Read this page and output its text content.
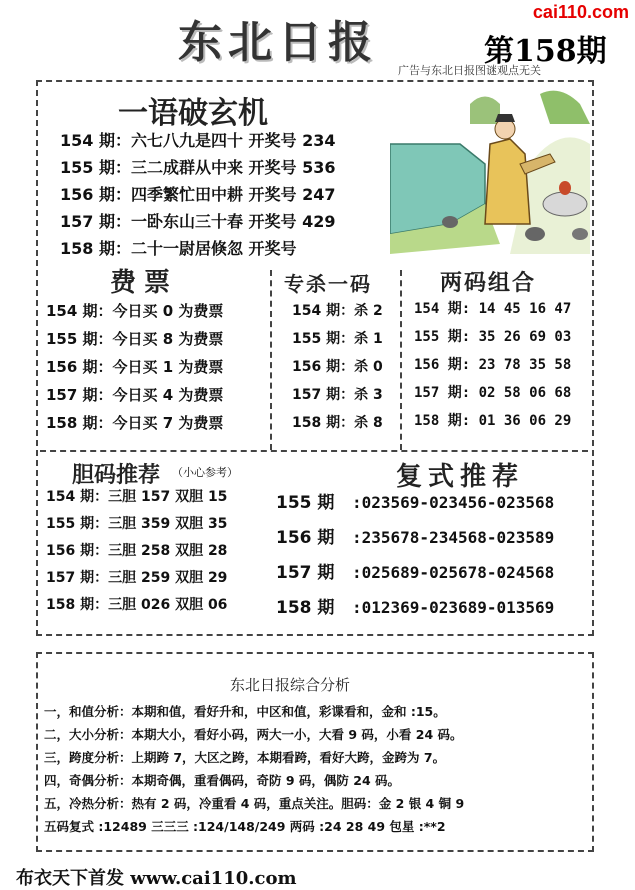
东北日报
cai110.com
第158期
广告与东北日报图谜观点无关
一语破玄机
154 期：六七八九是四十 开奖号 234
155 期：三二成群从中来 开奖号 536
156 期：四季繁忙田中耕 开奖号 247
157 期：一卧东山三十春 开奖号 429
158 期：二十一尉居倏忽 开奖号
费票
154 期：今日买 0 为费票
155 期：今日买 8 为费票
156 期：今日买 1 为费票
157 期：今日买 4 为费票
158 期：今日买 7 为费票
专杀一码
154 期：杀 2
155 期：杀 1
156 期：杀 0
157 期：杀 3
158 期：杀 8
两码组合
154 期: 14 45 16 47
155 期: 35 26 69 03
156 期: 23 78 35 58
157 期: 02 58 06 68
158 期: 01 36 06 29
胆码推荐 （小心参考）
154 期：三胆 157 双胆 15
155 期：三胆 359 双胆 35
156 期：三胆 258 双胆 28
157 期：三胆 259 双胆 29
158 期：三胆 026 双胆 06
复式推荐
155 期 :023569-023456-023568
156 期 :235678-234568-023589
157 期 :025689-025678-024568
158 期 :012369-023689-013569
东北日报综合分析
一，和值分析：本期和值，看好升和，中区和值，彩谍看和，金和 :15。
二，大小分析：本期大小，看好小码，两大一小，大看 9 码，小看 24 码。
三，跨度分析：上期跨 7，大区之跨，本期看跨，看好大跨，金跨为 7。
四，奇偶分析：本期奇偶，重看偶码，奇防 9 码，偶防 24 码。
五，冷热分析：热有 2 码，冷重看 4 码，重点关注。胆码：金 2 银 4 铜 9
五码复式 :12489 三三三 :124/148/249 两码 :24 28 49 包星 :**2
布衣天下首发 www.cai110.com
